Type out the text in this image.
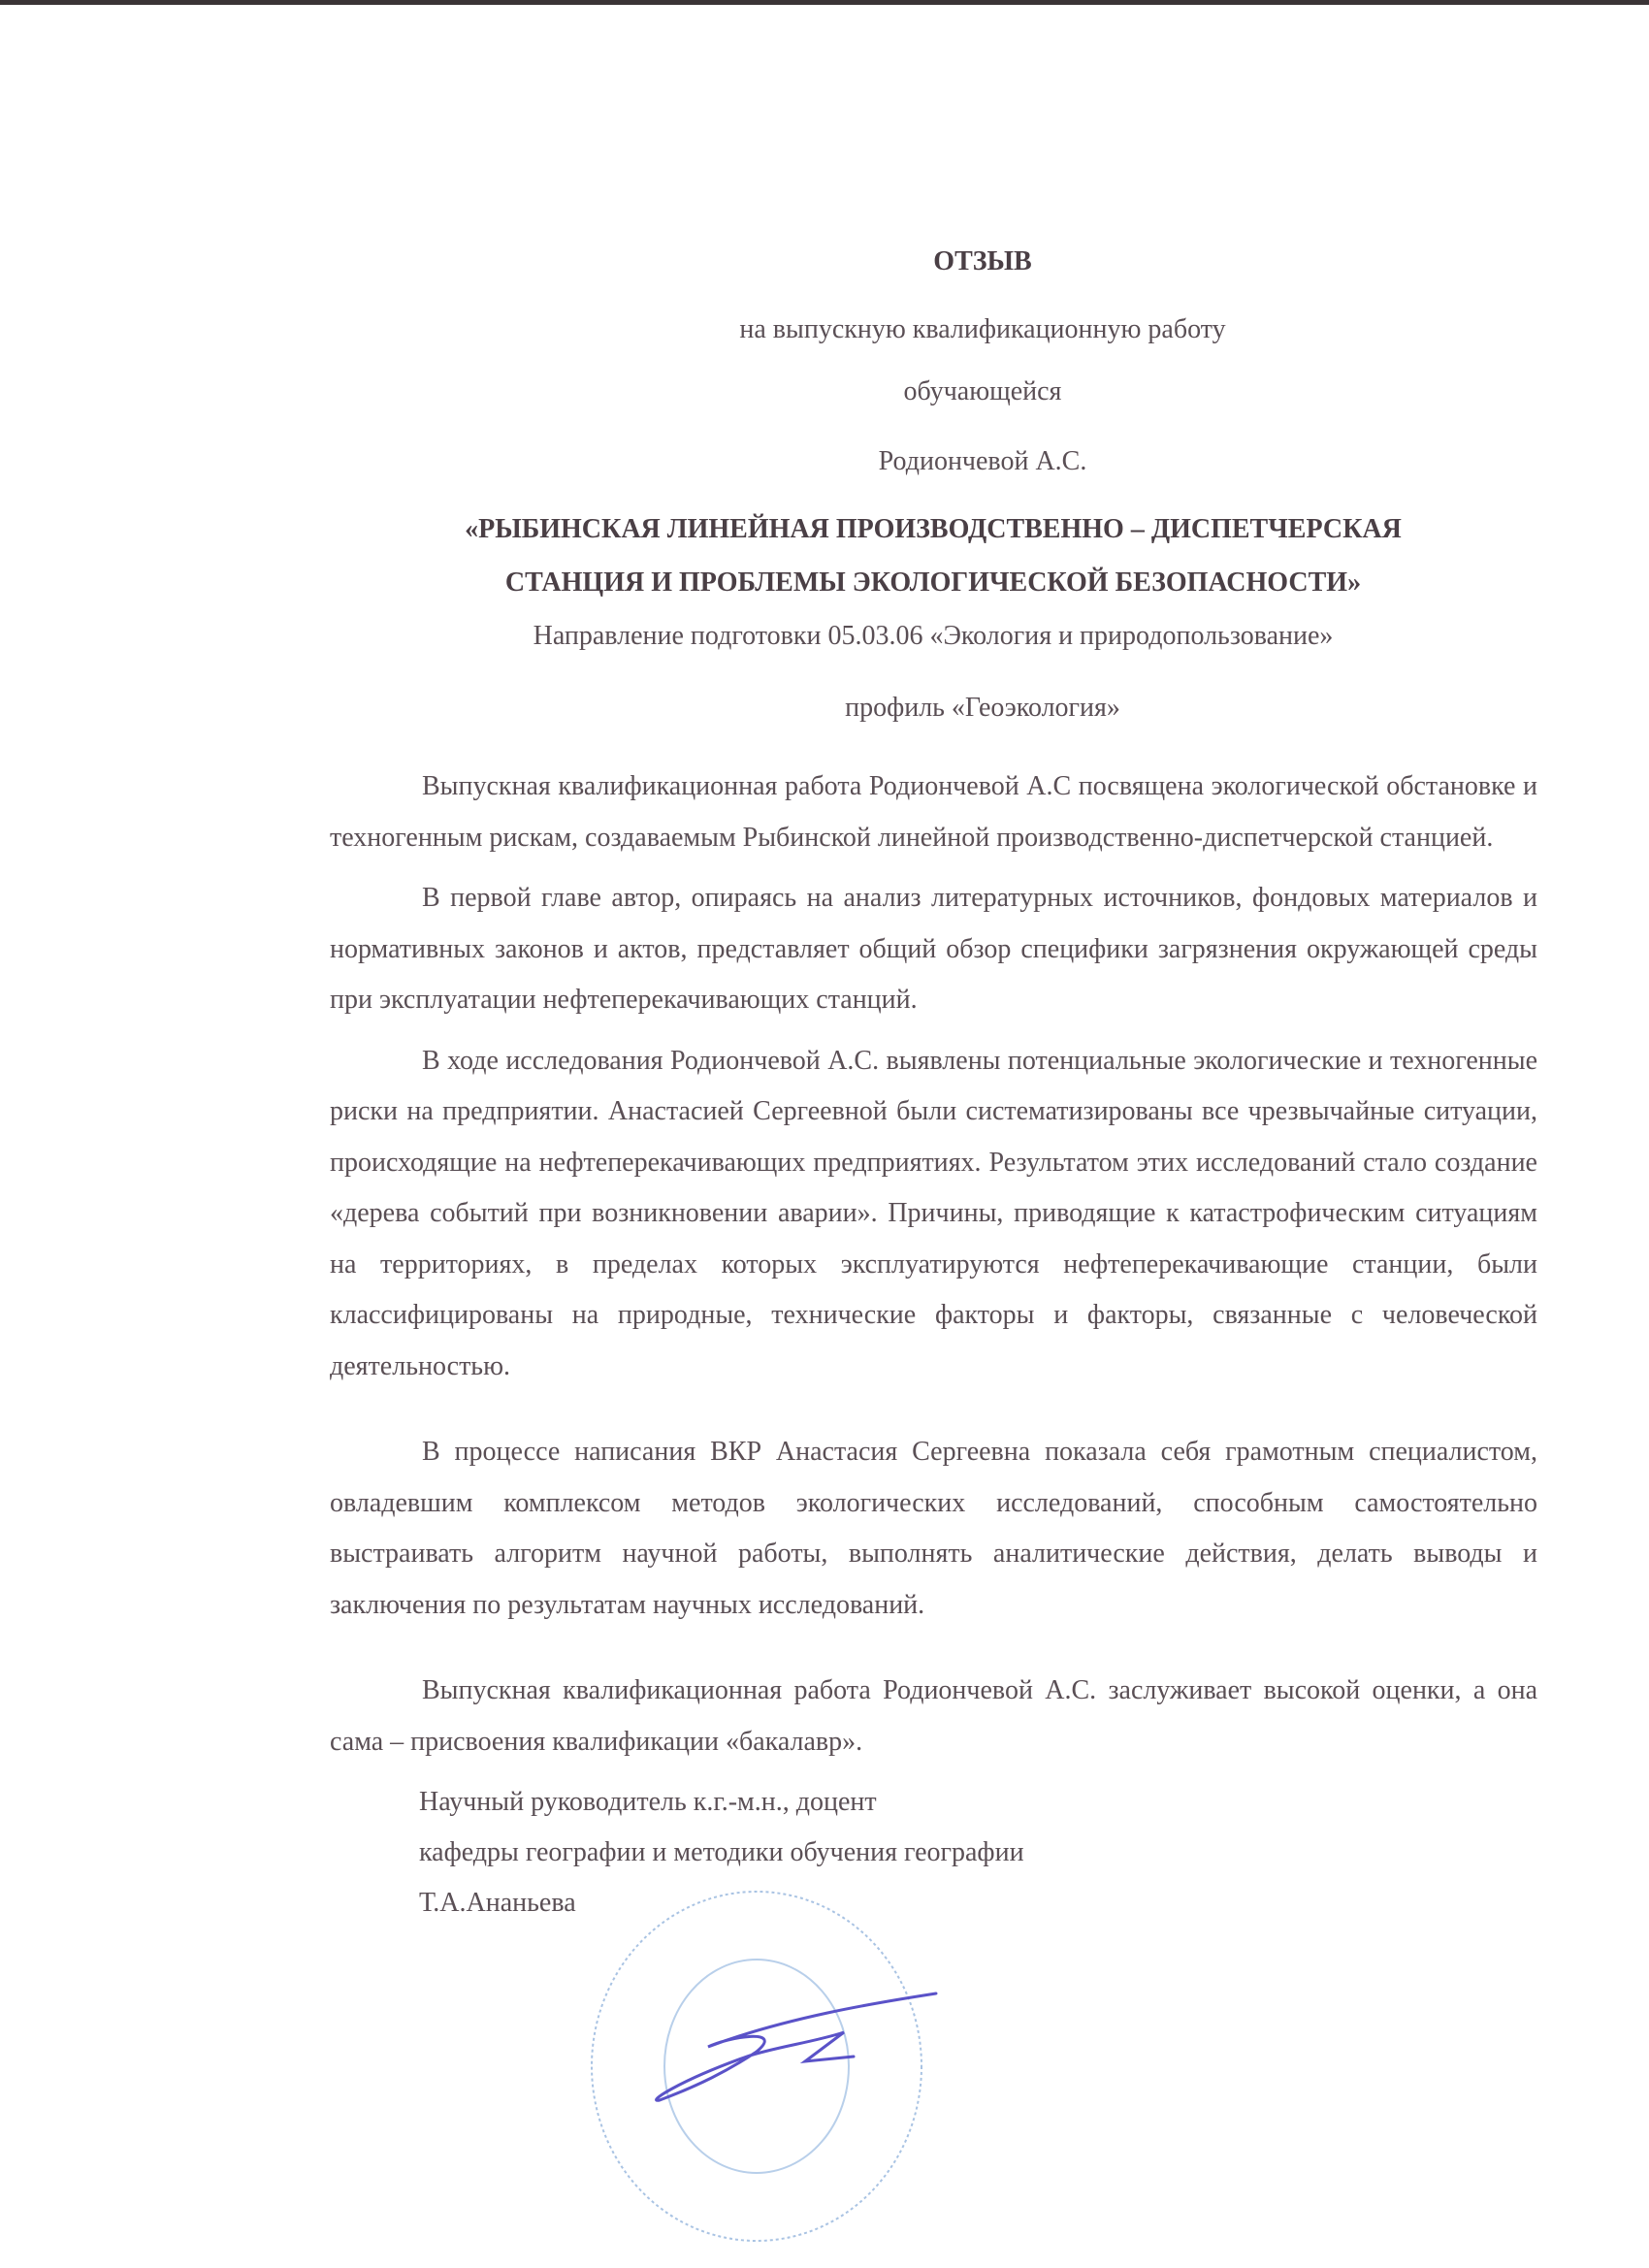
ОТЗЫВ
на выпускную квалификационную работу
обучающейся
Родиончевой А.С.
«РЫБИНСКАЯ ЛИНЕЙНАЯ ПРОИЗВОДСТВЕННО – ДИСПЕТЧЕРСКАЯ
СТАНЦИЯ И ПРОБЛЕМЫ ЭКОЛОГИЧЕСКОЙ БЕЗОПАСНОСТИ»
Направление подготовки 05.03.06 «Экология и природопользование»
профиль «Геоэкология»

Выпускная квалификационная работа Родиончевой А.С посвящена экологической обстановке и техногенным рискам, создаваемым Рыбинской линейной производственно-диспетчерской станцией.

В первой главе автор, опираясь на анализ литературных источников, фондовых материалов и нормативных законов и актов, представляет общий обзор специфики загрязнения окружающей среды при эксплуатации нефтеперекачивающих станций.

В ходе исследования Родиончевой А.С. выявлены потенциальные экологические и техногенные риски на предприятии. Анастасией Сергеевной были систематизированы все чрезвычайные ситуации, происходящие на нефтеперекачивающих предприятиях. Результатом этих исследований стало создание «дерева событий при возникновении аварии». Причины, приводящие к катастрофическим ситуациям на территориях, в пределах которых эксплуатируются нефтеперекачивающие станции, были классифицированы на природные, технические факторы и факторы, связанные с человеческой деятельностью.

В процессе написания ВКР Анастасия Сергеевна показала себя грамотным специалистом, овладевшим комплексом методов экологических исследований, способным самостоятельно выстраивать алгоритм научной работы, выполнять аналитические действия, делать выводы и заключения по результатам научных исследований.

Выпускная квалификационная работа Родиончевой А.С. заслуживает высокой оценки, а она сама – присвоения квалификации «бакалавр».

Научный руководитель к.г.-м.н., доцент
кафедры географии и методики обучения географии
Т.А.Ананьева
